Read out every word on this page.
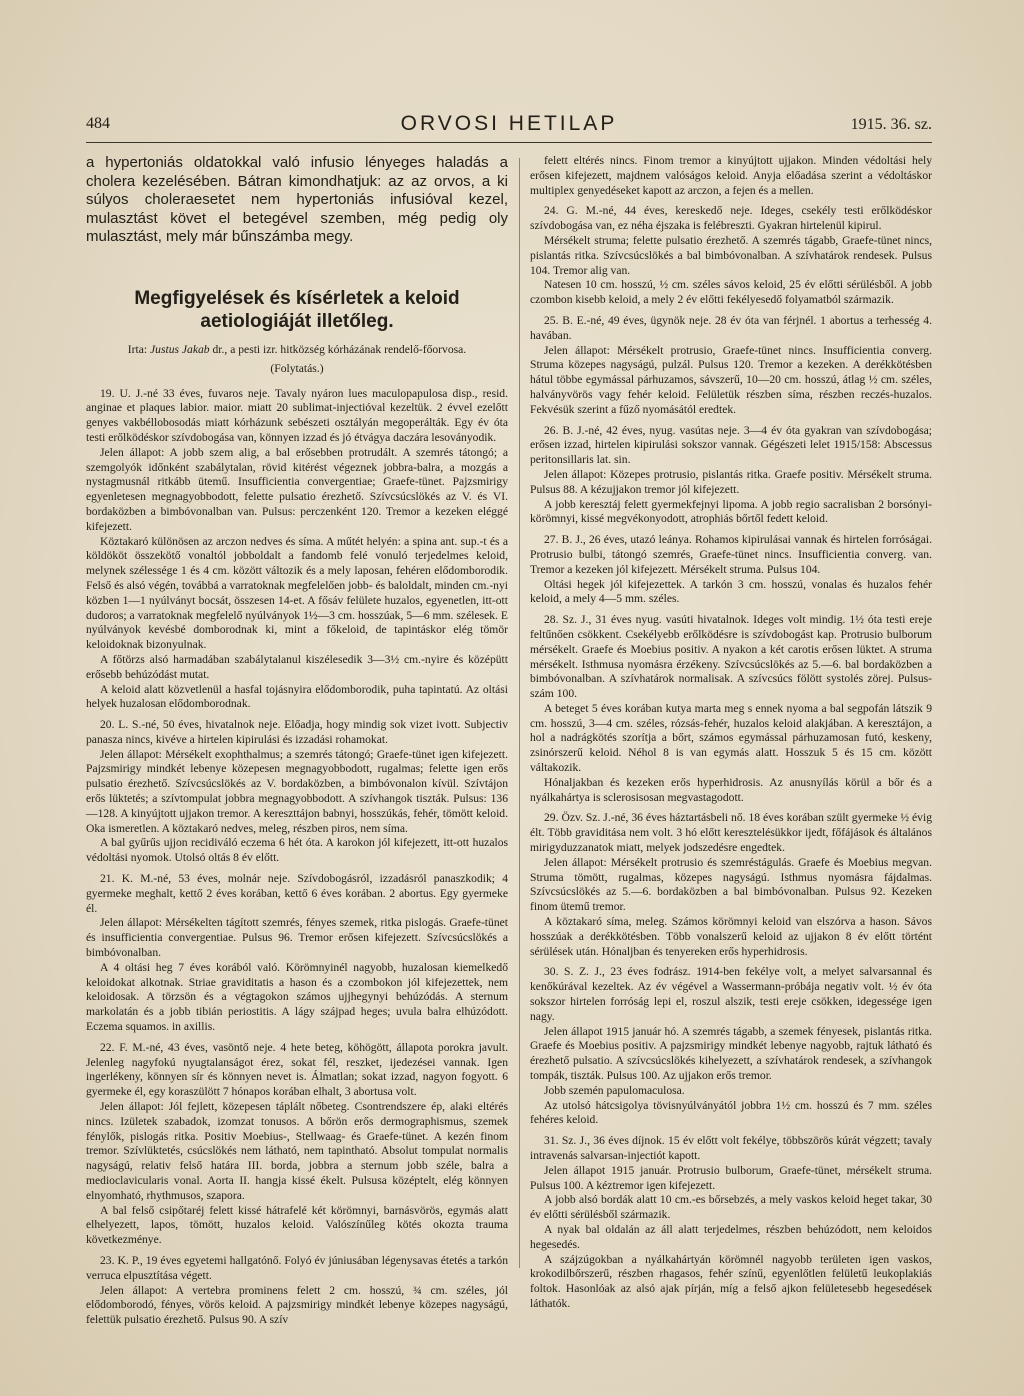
484	ORVOSI HETILAP	1915. 36. sz.

a hypertoniás oldatokkal való infusio lényeges haladás a cholera kezelésében. Bátran kimondhatjuk: az az orvos, a ki súlyos choleraesetet nem hypertoniás infusióval kezel, mulasztást követ el betegével szemben, még pedig oly mulasztást, mely már bűnszámba megy.

Megfigyelések és kísérletek a keloid
aetiologiáját illetőleg.

Irta: Justus Jakab dr., a pesti izr. hitközség kórházának rendelő-főorvosa.

(Folytatás.)

19. U. J.-né 33 éves, fuvaros neje. Tavaly nyáron lues maculopapulosa disp., resid. anginae et plaques labior. maior. miatt 20 sublimat-injectióval kezeltük. 2 évvel ezelőtt genyes vakbéllobosodás miatt kórházunk sebészeti osztályán megoperálták. Egy év óta testi erőlködéskor szívdobogása van, könnyen izzad és jó étvágya daczára lesoványodik.

Jelen állapot: A jobb szem alig, a bal erősebben protrudált. A szemrés tátongó; a szemgolyók időnként szabálytalan, rövid kitérést végeznek jobbra-balra, a mozgás a nystagmusnál ritkább ütemű. Insufficientia convergentiae; Graefe-tünet. Pajzsmirigy egyenletesen megnagyobbodott, felette pulsatio érezhető. Szívcsúcslökés az V. és VI. bordaközben a bimbóvonalban van. Pulsus: perczenként 120. Tremor a kezeken eléggé kifejezett.

Köztakaró különösen az arczon nedves és síma. A műtét helyén: a spina ant. sup.-t és a köldököt összekötő vonaltól jobboldalt a fandomb felé vonuló terjedelmes keloid, melynek szélessége 1 és 4 cm. között változik és a mely laposan, fehéren elődomborodik. Felső és alsó végén, továbbá a varratoknak megfelelően jobb- és baloldalt, minden cm.-nyi közben 1—1 nyúlványt bocsát, összesen 14-et. A fősáv felülete huzalos, egyenetlen, itt-ott dudoros; a varratoknak megfelelő nyúlványok 1½—3 cm. hosszúak, 5—6 mm. szélesek. E nyúlványok kevésbé domborodnak ki, mint a főkeloid, de tapintáskor elég tömör keloidoknak bizonyulnak.

A főtörzs alsó harmadában szabálytalanul kiszélesedik 3—3½ cm.-nyire és középütt erősebb behúzódást mutat.

A keloid alatt közvetlenül a hasfal tojásnyira elődomborodik, puha tapintatú. Az oltási helyek huzalosan elődomborodnak.

20. L. S.-né, 50 éves, hivatalnok neje. Előadja, hogy mindig sok vizet ivott. Subjectiv panasza nincs, kivéve a hirtelen kipirulási és izzadási rohamokat.

Jelen állapot: Mérsékelt exophthalmus; a szemrés tátongó; Graefe-tünet igen kifejezett. Pajzsmirigy mindkét lebenye közepesen megnagyobbodott, rugalmas; felette igen erős pulsatio érezhető. Szívcsúcslökés az V. bordaközben, a bimbóvonalon kívül. Szívtájon erős lüktetés; a szívtompulat jobbra megnagyobbodott. A szívhangok tiszták. Pulsus: 136—128. A kinyújtott ujjakon tremor. A kereszttájon babnyi, hosszúkás, fehér, tömött keloid. Oka ismeretlen. A köztakaró nedves, meleg, részben piros, nem síma.

A bal gyűrűs ujjon recidiváló eczema 6 hét óta. A karokon jól kifejezett, itt-ott huzalos védoltási nyomok. Utolsó oltás 8 év előtt.

21. K. M.-né, 53 éves, molnár neje. Szívdobogásról, izzadásról panaszkodik; 4 gyermeke meghalt, kettő 2 éves korában, kettő 6 éves korában. 2 abortus. Egy gyermeke él.

Jelen állapot: Mérsékelten tágított szemrés, fényes szemek, ritka pislogás. Graefe-tünet és insufficientia convergentiae. Pulsus 96. Tremor erősen kifejezett. Szívcsúcslökés a bimbóvonalban.

A 4 oltási heg 7 éves korából való. Körömnyinél nagyobb, huzalosan kiemelkedő keloidokat alkotnak. Striae graviditatis a hason és a czombokon jól kifejezettek, nem keloidosak. A törzsön és a végtagokon számos ujjhegynyi behúzódás. A sternum markolatán és a jobb tibián periostitis. A lágy szájpad heges; uvula balra elhúzódott. Eczema squamos. in axillis.

22. F. M.-né, 43 éves, vasöntő neje. 4 hete beteg, köhögött, állapota porokra javult. Jelenleg nagyfokú nyugtalanságot érez, sokat fél, reszket, ijedezései vannak. Igen ingerlékeny, könnyen sír és könnyen nevet is. Álmatlan; sokat izzad, nagyon fogyott. 6 gyermeke él, egy koraszülött 7 hónapos korában elhalt, 3 abortusa volt.

Jelen állapot: Jól fejlett, közepesen táplált nőbeteg. Csontrendszere ép, alaki eltérés nincs. Izületek szabadok, izomzat tonusos. A bőrön erős dermographismus, szemek fénylők, pislogás ritka. Positiv Moebius-, Stellwaag- és Graefe-tünet. A kezén finom tremor. Szívlüktetés, csúcslökés nem látható, nem tapintható. Absolut tompulat normalis nagyságú, relativ felső határa III. borda, jobbra a sternum jobb széle, balra a medioclavicularis vonal. Aorta II. hangja kissé ékelt. Pulsusa középtelt, elég könnyen elnyomható, rhythmusos, szapora.

A bal felső csipőtaréj felett kissé hátrafelé két körömnyi, barnásvörös, egymás alatt elhelyezett, lapos, tömött, huzalos keloid. Valószínűleg kötés okozta trauma következménye.

23. K. P., 19 éves egyetemi hallgatónő. Folyó év júniusában légenysavas étetés a tarkón verruca elpusztítása végett.

Jelen állapot: A vertebra prominens felett 2 cm. hosszú, ¾ cm. széles, jól elődomborodó, fényes, vörös keloid. A pajzsmirigy mindkét lebenye közepes nagyságú, felettük pulsatio érezhető. Pulsus 90. A szív

felett eltérés nincs. Finom tremor a kinyújtott ujjakon. Minden védoltási hely erősen kifejezett, majdnem valóságos keloid. Anyja előadása szerint a védoltáskor multiplex genyedéseket kapott az arczon, a fejen és a mellen.

24. G. M.-né, 44 éves, kereskedő neje. Ideges, csekély testi erőlködéskor szívdobogása van, ez néha éjszaka is felébreszti. Gyakran hirtelenül kipirul.

Mérsékelt struma; felette pulsatio érezhető. A szemrés tágabb, Graefe-tünet nincs, pislantás ritka. Szívcsúcslökés a bal bimbóvonalban. A szívhatárok rendesek. Pulsus 104. Tremor alig van.

Natesen 10 cm. hosszú, ½ cm. széles sávos keloid, 25 év előtti sérülésből. A jobb czombon kisebb keloid, a mely 2 év előtti fekélyesedő folyamatból származik.

25. B. E.-né, 49 éves, ügynök neje. 28 év óta van férjnél. 1 abortus a terhesség 4. havában.

Jelen állapot: Mérsékelt protrusio, Graefe-tünet nincs. Insufficientia converg. Struma közepes nagyságú, pulzál. Pulsus 120. Tremor a kezeken. A derékkötésben hátul többe egymással párhuzamos, sávszerű, 10—20 cm. hosszú, átlag ½ cm. széles, halványvörös vagy fehér keloid. Felületük részben síma, részben reczés-huzalos. Fekvésük szerint a fűző nyomásától eredtek.

26. B. J.-né, 42 éves, nyug. vasútas neje. 3—4 év óta gyakran van szívdobogása; erősen izzad, hirtelen kipirulási sokszor vannak. Gégészeti lelet 1915/158: Abscessus peritonsillaris lat. sin.

Jelen állapot: Közepes protrusio, pislantás ritka. Graefe positiv. Mérsékelt struma. Pulsus 88. A kézujjakon tremor jól kifejezett.

A jobb keresztáj felett gyermekfejnyi lipoma. A jobb regio sacralisban 2 borsónyi-körömnyi, kissé megvékonyodott, atrophiás bőrtől fedett keloid.

27. B. J., 26 éves, utazó leánya. Rohamos kipirulásai vannak és hirtelen forróságai. Protrusio bulbi, tátongó szemrés, Graefe-tünet nincs. Insufficientia converg. van. Tremor a kezeken jól kifejezett. Mérsékelt struma. Pulsus 104.

Oltási hegek jól kifejezettek. A tarkón 3 cm. hosszú, vonalas és huzalos fehér keloid, a mely 4—5 mm. széles.

28. Sz. J., 31 éves nyug. vasúti hivatalnok. Ideges volt mindig. 1½ óta testi ereje feltűnően csökkent. Csekélyebb erőlködésre is szívdobogást kap. Protrusio bulborum mérsékelt. Graefe és Moebius positiv. A nyakon a két carotis erősen lüktet. A struma mérsékelt. Isthmusa nyomásra érzékeny. Szívcsúcslökés az 5.—6. bal bordaközben a bimbóvonalban. A szívhatárok normalisak. A szívcsúcs fölött systolés zörej. Pulsus-szám 100.

A beteget 5 éves korában kutya marta meg s ennek nyoma a bal segpofán látszik 9 cm. hosszú, 3—4 cm. széles, rózsás-fehér, huzalos keloid alakjában. A keresztájon, a hol a nadrágkötés szorítja a bőrt, számos egymással párhuzamosan futó, keskeny, zsinórszerű keloid. Néhol 8 is van egymás alatt. Hosszuk 5 és 15 cm. között váltakozik.

Hónaljakban és kezeken erős hyperhidrosis. Az anusnyílás körül a bőr és a nyálkahártya is sclerosisosan megvastagodott.

29. Özv. Sz. J.-né, 36 éves háztartásbeli nő. 18 éves korában szült gyermeke ½ évig élt. Több graviditása nem volt. 3 hó előtt keresztelésükkor ijedt, főfájások és általános mirigyduzzanatok miatt, melyek jodszedésre engedtek.

Jelen állapot: Mérsékelt protrusio és szemréstágulás. Graefe és Moebius megvan. Struma tömött, rugalmas, közepes nagyságú. Isthmus nyomásra fájdalmas. Szívcsúcslökés az 5.—6. bordaközben a bal bimbóvonalban. Pulsus 92. Kezeken finom ütemű tremor.

A köztakaró síma, meleg. Számos körömnyi keloid van elszórva a hason. Sávos hosszúak a derékkötésben. Több vonalszerű keloid az ujjakon 8 év előtt történt sérülések után. Hónaljban és tenyereken erős hyperhidrosis.

30. S. Z. J., 23 éves fodrász. 1914-ben fekélye volt, a melyet salvarsannal és kenőkúrával kezeltek. Az év végével a Wassermann-próbája negativ volt. ½ év óta sokszor hirtelen forróság lepi el, roszul alszik, testi ereje csökken, idegessége igen nagy.

Jelen állapot 1915 január hó. A szemrés tágabb, a szemek fényesek, pislantás ritka. Graefe és Moebius positiv. A pajzsmirigy mindkét lebenye nagyobb, rajtuk látható és érezhető pulsatio. A szívcsúcslökés kihelyezett, a szívhatárok rendesek, a szívhangok tompák, tiszták. Pulsus 100. Az ujjakon erős tremor.

Jobb szemén papulomaculosa.

Az utolsó hátcsigolya tövisnyúlványától jobbra 1½ cm. hosszú és 7 mm. széles fehéres keloid.

31. Sz. J., 36 éves díjnok. 15 év előtt volt fekélye, többszörös kúrát végzett; tavaly intravenás salvarsan-injectiót kapott.

Jelen állapot 1915 január. Protrusio bulborum, Graefe-tünet, mérsékelt struma. Pulsus 100. A kéztremor igen kifejezett.

A jobb alsó bordák alatt 10 cm.-es bőrsebzés, a mely vaskos keloid heget takar, 30 év előtti sérülésből származik.

A nyak bal oldalán az áll alatt terjedelmes, részben behúzódott, nem keloidos hegesedés.

A szájzúgokban a nyálkahártyán körömnél nagyobb területen igen vaskos, krokodilbőrszerű, részben rhagasos, fehér színű, egyenlőtlen felületű leukoplakiás foltok. Hasonlóak az alsó ajak pírján, míg a felső ajkon felületesebb hegesedések láthatók.
